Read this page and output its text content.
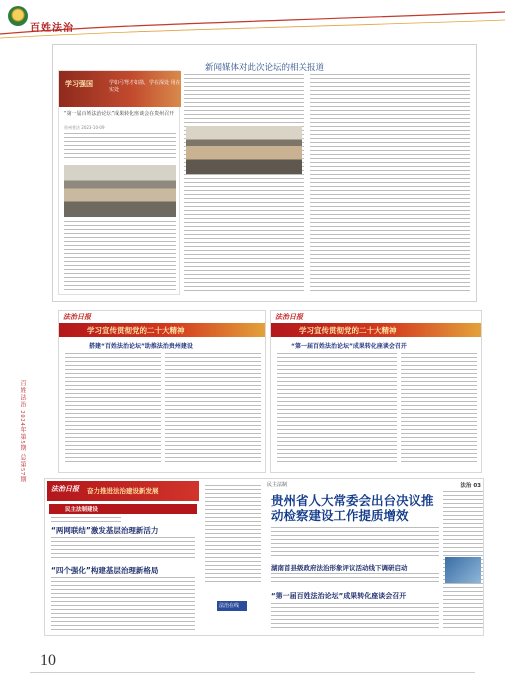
百姓法治
百姓法治 2024年第5期 总第57期
新闻媒体对此次论坛的相关报道
学习强国	学如弓弩才如箭，学在深处 用在实处
“第一届百姓法治论坛”成果转化座谈会在贵州召开
贵州普法 2023-10-09
法治日报
学习宣传贯彻党的二十大精神
搭建“百姓法治论坛”助推法治贵州建设
法治日报
学习宣传贯彻党的二十大精神
“第一届百姓法治论坛”成果转化座谈会召开
法治日报 奋力推进法治建设新发展
民主法制建设
“两网联结”激发基层治理新活力
“四个强化”构建基层治理新格局
法治在线
民主法制	法治 03
贵州省人大常委会出台决议推动检察建设工作提质增效
湖南首县级政府法治形象评议活动线下调研启动
“第一届百姓法治论坛”成果转化座谈会召开
10
